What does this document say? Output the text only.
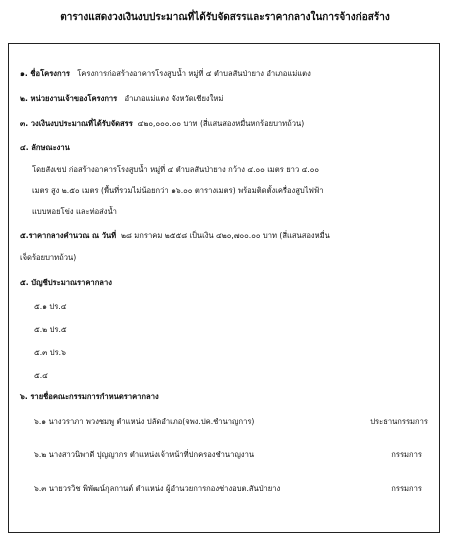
ตารางแสดงวงเงินงบประมาณที่ได้รับจัดสรรและราคากลางในการจ้างก่อสร้าง
๑. ชื่อโครงการ โครงการก่อสร้างอาคารโรงสูบน้ำ หมู่ที่ ๔ ตำบลสันป่ายาง อำเภอแม่แตง
๒. หน่วยงานเจ้าของโครงการ อำเภอแม่แตง จังหวัดเชียงใหม่
๓. วงเงินงบประมาณที่ได้รับจัดสรร ๔๒๐,๐๐๐.๐๐ บาท (สี่แสนสองหมื่นหกร้อยบาทถ้วน)
๔. ลักษณะงาน
โดยสังเขป ก่อสร้างอาคารโรงสูบน้ำ หมู่ที่ ๔ ตำบลสันป่ายาง กว้าง ๔.๐๐ เมตร ยาว ๔.๐๐
เมตร สูง ๒.๕๐ เมตร (พื้นที่รวมไม่น้อยกว่า ๑๖.๐๐ ตารางเมตร) พร้อมติดตั้งเครื่องสูบไฟฟ้า
แบบหอยโข่ง และท่อส่งน้ำ
๕.ราคากลางคำนวณ ณ วันที่ ๒๘ มกราคม ๒๕๕๘ เป็นเงิน ๔๒๐,๗๐๐.๐๐ บาท (สี่แสนสองหมื่น
เจ็ดร้อยบาทถ้วน)
๕. บัญชีประมาณราคากลาง
๕.๑ ปร.๔
๕.๒ ปร.๕
๕.๓ ปร.๖
๕.๔
๖. รายชื่อคณะกรรมการกำหนดราคากลาง
๖.๑ นางวราภา พวงชมพู ตำแหน่ง ปลัดอำเภอ(จพง.ปค.ชำนาญการ)	ประธานกรรมการ
๖.๒ นางสาวนิพาดี ปุญญากร ตำแหน่งเจ้าหน้าที่ปกครองชำนาญงาน	กรรมการ
๖.๓ นายวรวิช พิพัฒน์กุลกานต์ ตำแหน่ง ผู้อำนวยการกองช่างอบต.สันป่ายาง	กรรมการ
